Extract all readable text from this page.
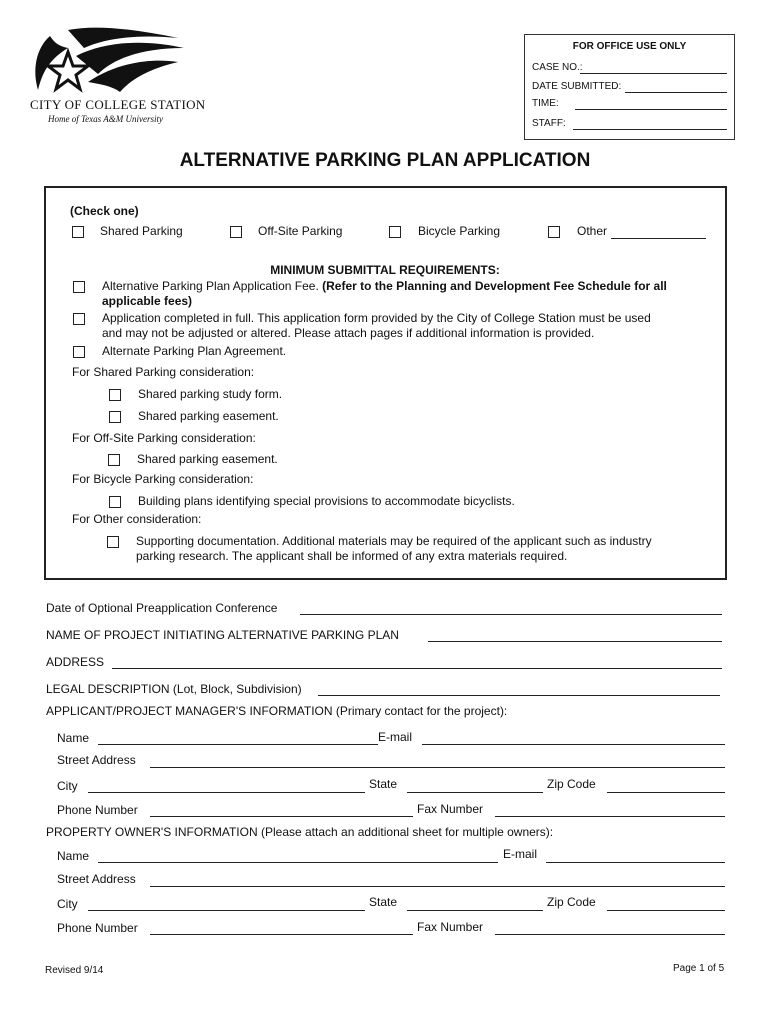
CITY OF COLLEGE STATION
Home of Texas A&M University
FOR OFFICE USE ONLY
CASE NO.:
DATE SUBMITTED:
TIME:
STAFF:
ALTERNATIVE PARKING PLAN APPLICATION
(Check one)
Shared Parking	Off-Site Parking	Bicycle Parking	Other
MINIMUM SUBMITTAL REQUIREMENTS:
Alternative Parking Plan Application Fee. (Refer to the Planning and Development Fee Schedule for all
applicable fees)
Application completed in full. This application form provided by the City of College Station must be used
and may not be adjusted or altered. Please attach pages if additional information is provided.
Alternate Parking Plan Agreement.
For Shared Parking consideration:
Shared parking study form.
Shared parking easement.
For Off-Site Parking consideration:
Shared parking easement.
For Bicycle Parking consideration:
Building plans identifying special provisions to accommodate bicyclists.
For Other consideration:
Supporting documentation. Additional materials may be required of the applicant such as industry
parking research. The applicant shall be informed of any extra materials required.
Date of Optional Preapplication Conference
NAME OF PROJECT INITIATING ALTERNATIVE PARKING PLAN
ADDRESS
LEGAL DESCRIPTION (Lot, Block, Subdivision)
APPLICANT/PROJECT MANAGER'S INFORMATION (Primary contact for the project):
Name	E-mail
Street Address
City	State	Zip Code
Phone Number	Fax Number
PROPERTY OWNER'S INFORMATION (Please attach an additional sheet for multiple owners):
Name	E-mail
Street Address
City	State	Zip Code
Phone Number	Fax Number
Revised 9/14	Page 1 of 5
